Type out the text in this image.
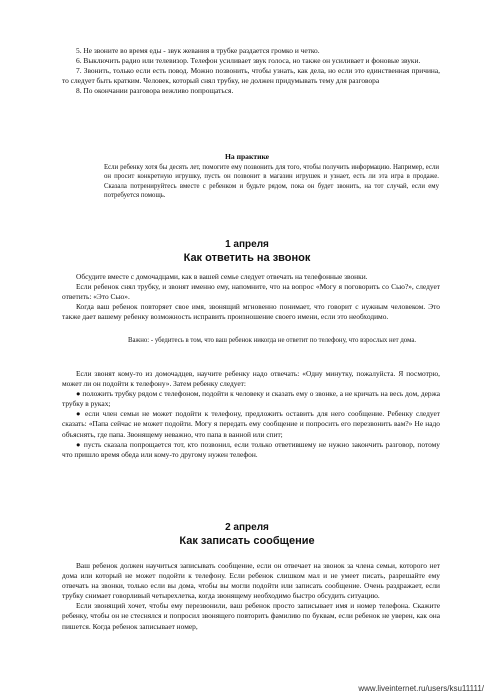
5. Не звоните во время еды - звук жевания в трубке раздается громко и четко.

6. Выключить радио или телевизор. Телефон усиливает звук голоса, но также он усиливает и фоновые звуки.

7. Звонить, только если есть повод. Можно позвонить, чтобы узнать, как дела, но если это единственная причина, то следует быть кратким. Человек, который снял трубку, не должен придумывать тему для разговора

8. По окончании разговора вежливо попрощаться.

На практике

Если ребенку хотя бы десять лет, помогите ему позвонить для того, чтобы получить информацию. Например, если он просит конкретную игрушку, пусть он позвонит в магазин игрушек и узнает, есть ли эта игра в продаже. Сказала потренируйтесь вместе с ребенком и будьте рядом, пока он будет звонить, на тот случай, если ему потребуется помощь.

1 апреля
Как ответить на звонок

Обсудите вместе с домочадцами, как в вашей семье следует отвечать на телефонные звонки.

Если ребенок снял трубку, и звонят именно ему, напомните, что на вопрос «Могу я поговорить со Сью?», следует ответить: «Это Сью».

Когда ваш ребенок повторяет свое имя, звонящий мгновенно понимает, что говорит с нужным человеком. Это также дает вашему ребенку возможность исправить произношение своего имени, если это необходимо.

Важно: - убедитесь в том, что ваш ребенок никогда не ответит по телефону, что взрослых нет дома.

Если звонят кому-то из домочадцев, научите ребенку надо отвечать: «Одну минутку, пожалуйста. Я посмотрю, может ли он подойти к телефону». Затем ребенку следует:

● положить трубку рядом с телефоном, подойти к человеку и сказать ему о звонке, а не кричать на весь дом, держа трубку в руках;

● если член семьи не может подойти к телефону, предложить оставить для него сообщение. Ребенку следует сказать: «Папа сейчас не может подойти. Могу я передать ему сообщение и попросить его перезвонить вам?» Не надо объяснять, где папа. Звонящему неважно, что папа в ванной или спит;

● пусть сказала попрощается тот, кто позвонил, если только ответившему не нужно закончить разговор, потому что пришло время обеда или кому-то другому нужен телефон.

2 апреля
Как записать сообщение

Ваш ребенок должен научиться записывать сообщение, если он отвечает на звонок за члена семьи, которого нет дома или который не может подойти к телефону. Если ребенок слишком мал и не умеет писать, разрешайте ему отвечать на звонки, только если вы дома, чтобы вы могли подойти или записать сообщение. Очень раздражает, если трубку снимает говорливый четырехлетка, когда звонящему необходимо быстро обсудить ситуацию.

Если звонящий хочет, чтобы ему перезвонили, ваш ребенок просто записывает имя и номер телефона. Скажите ребенку, чтобы он не стеснялся и попросил звонящего повторить фамилию по буквам, если ребенок не уверен, как она пишется. Когда ребенок записывает номер,

www.liveinternet.ru/users/ksu11111/
